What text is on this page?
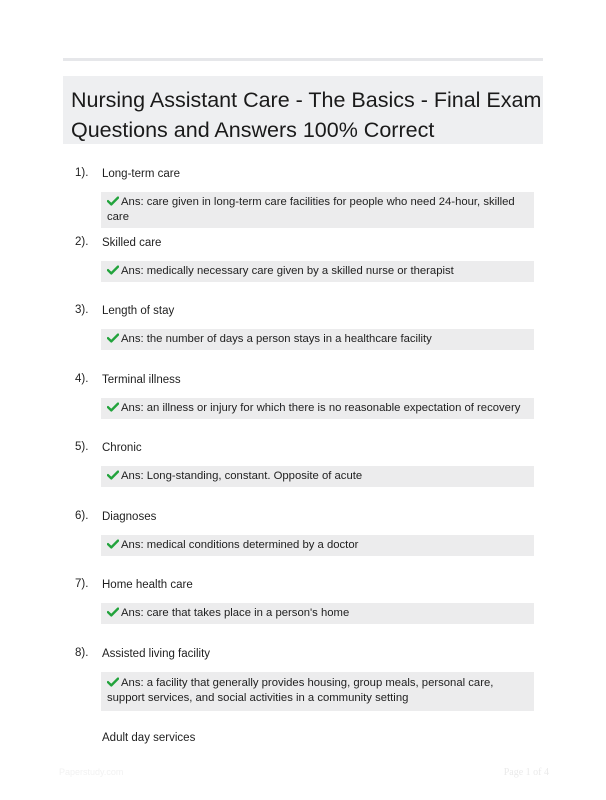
Nursing Assistant Care - The Basics - Final Exam
Questions and Answers 100% Correct
1). Long-term care
Ans: care given in long-term care facilities for people who need 24-hour, skilled care
2). Skilled care
Ans: medically necessary care given by a skilled nurse or therapist
3). Length of stay
Ans: the number of days a person stays in a healthcare facility
4). Terminal illness
Ans: an illness or injury for which there is no reasonable expectation of recovery
5). Chronic
Ans: Long-standing, constant. Opposite of acute
6). Diagnoses
Ans: medical conditions determined by a doctor
7). Home health care
Ans: care that takes place in a person's home
8). Assisted living facility
Ans: a facility that generally provides housing, group meals, personal care, support services, and social activities in a community setting
Adult day services
Paperstudy.com	Page 1 of 4
